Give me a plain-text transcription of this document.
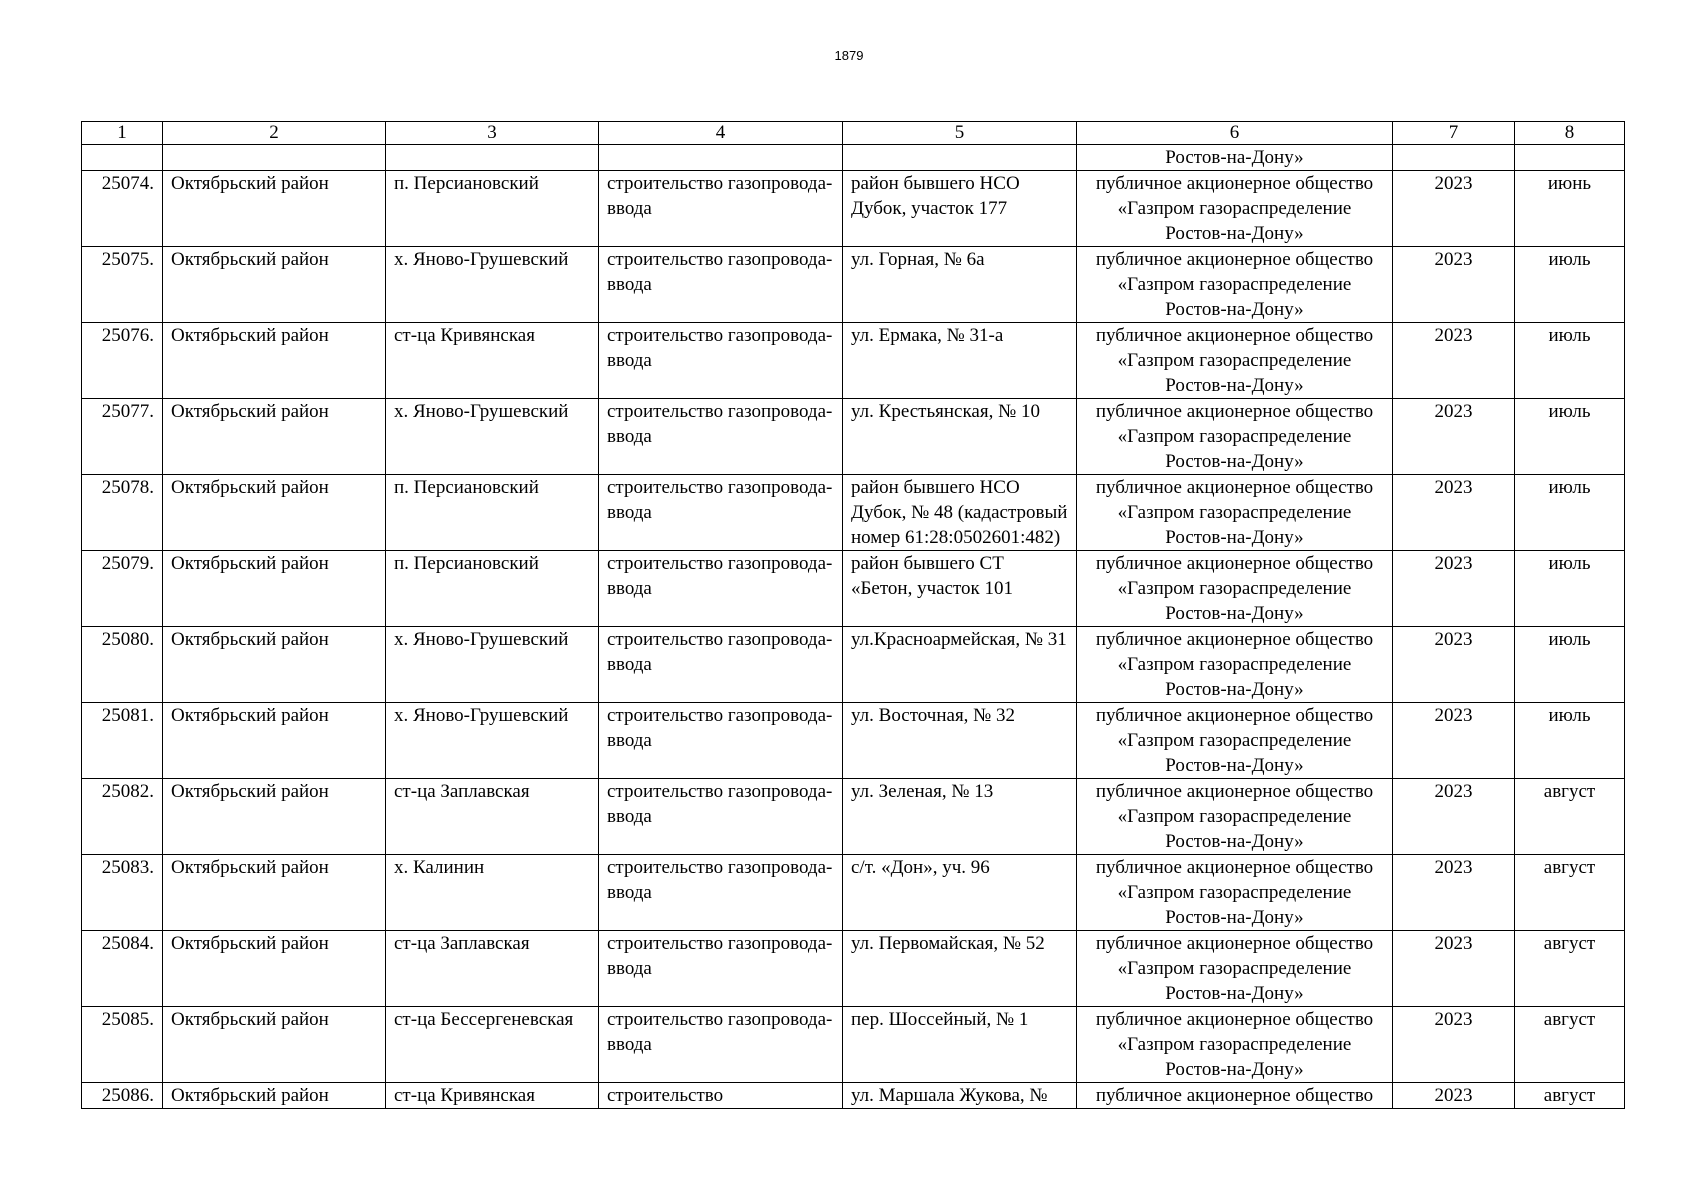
1879
1	2	3	4	5	6	7	8
					Ростов-на-Дону»		
25074.	Октябрьский район	п. Персиановский	строительство газопровода-ввода	район бывшего НСО Дубок, участок 177	публичное акционерное общество «Газпром газораспределение Ростов-на-Дону»	2023	июнь
25075.	Октябрьский район	х. Яново-Грушевский	строительство газопровода-ввода	ул. Горная, № 6а	публичное акционерное общество «Газпром газораспределение Ростов-на-Дону»	2023	июль
25076.	Октябрьский район	ст-ца Кривянская	строительство газопровода-ввода	ул. Ермака, № 31-а	публичное акционерное общество «Газпром газораспределение Ростов-на-Дону»	2023	июль
25077.	Октябрьский район	х. Яново-Грушевский	строительство газопровода-ввода	ул. Крестьянская, № 10	публичное акционерное общество «Газпром газораспределение Ростов-на-Дону»	2023	июль
25078.	Октябрьский район	п. Персиановский	строительство газопровода-ввода	район бывшего НСО Дубок, № 48 (кадастровый номер 61:28:0502601:482)	публичное акционерное общество «Газпром газораспределение Ростов-на-Дону»	2023	июль
25079.	Октябрьский район	п. Персиановский	строительство газопровода-ввода	район бывшего СТ «Бетон, участок 101	публичное акционерное общество «Газпром газораспределение Ростов-на-Дону»	2023	июль
25080.	Октябрьский район	х. Яново-Грушевский	строительство газопровода-ввода	ул.Красноармейская, № 31	публичное акционерное общество «Газпром газораспределение Ростов-на-Дону»	2023	июль
25081.	Октябрьский район	х. Яново-Грушевский	строительство газопровода-ввода	ул. Восточная, № 32	публичное акционерное общество «Газпром газораспределение Ростов-на-Дону»	2023	июль
25082.	Октябрьский район	ст-ца Заплавская	строительство газопровода-ввода	ул. Зеленая, № 13	публичное акционерное общество «Газпром газораспределение Ростов-на-Дону»	2023	август
25083.	Октябрьский район	х. Калинин	строительство газопровода-ввода	с/т. «Дон», уч. 96	публичное акционерное общество «Газпром газораспределение Ростов-на-Дону»	2023	август
25084.	Октябрьский район	ст-ца Заплавская	строительство газопровода-ввода	ул. Первомайская, № 52	публичное акционерное общество «Газпром газораспределение Ростов-на-Дону»	2023	август
25085.	Октябрьский район	ст-ца Бессергеневская	строительство газопровода-ввода	пер. Шоссейный, № 1	публичное акционерное общество «Газпром газораспределение Ростов-на-Дону»	2023	август
25086.	Октябрьский район	ст-ца Кривянская	строительство	ул. Маршала Жукова, №	публичное акционерное общество	2023	август
